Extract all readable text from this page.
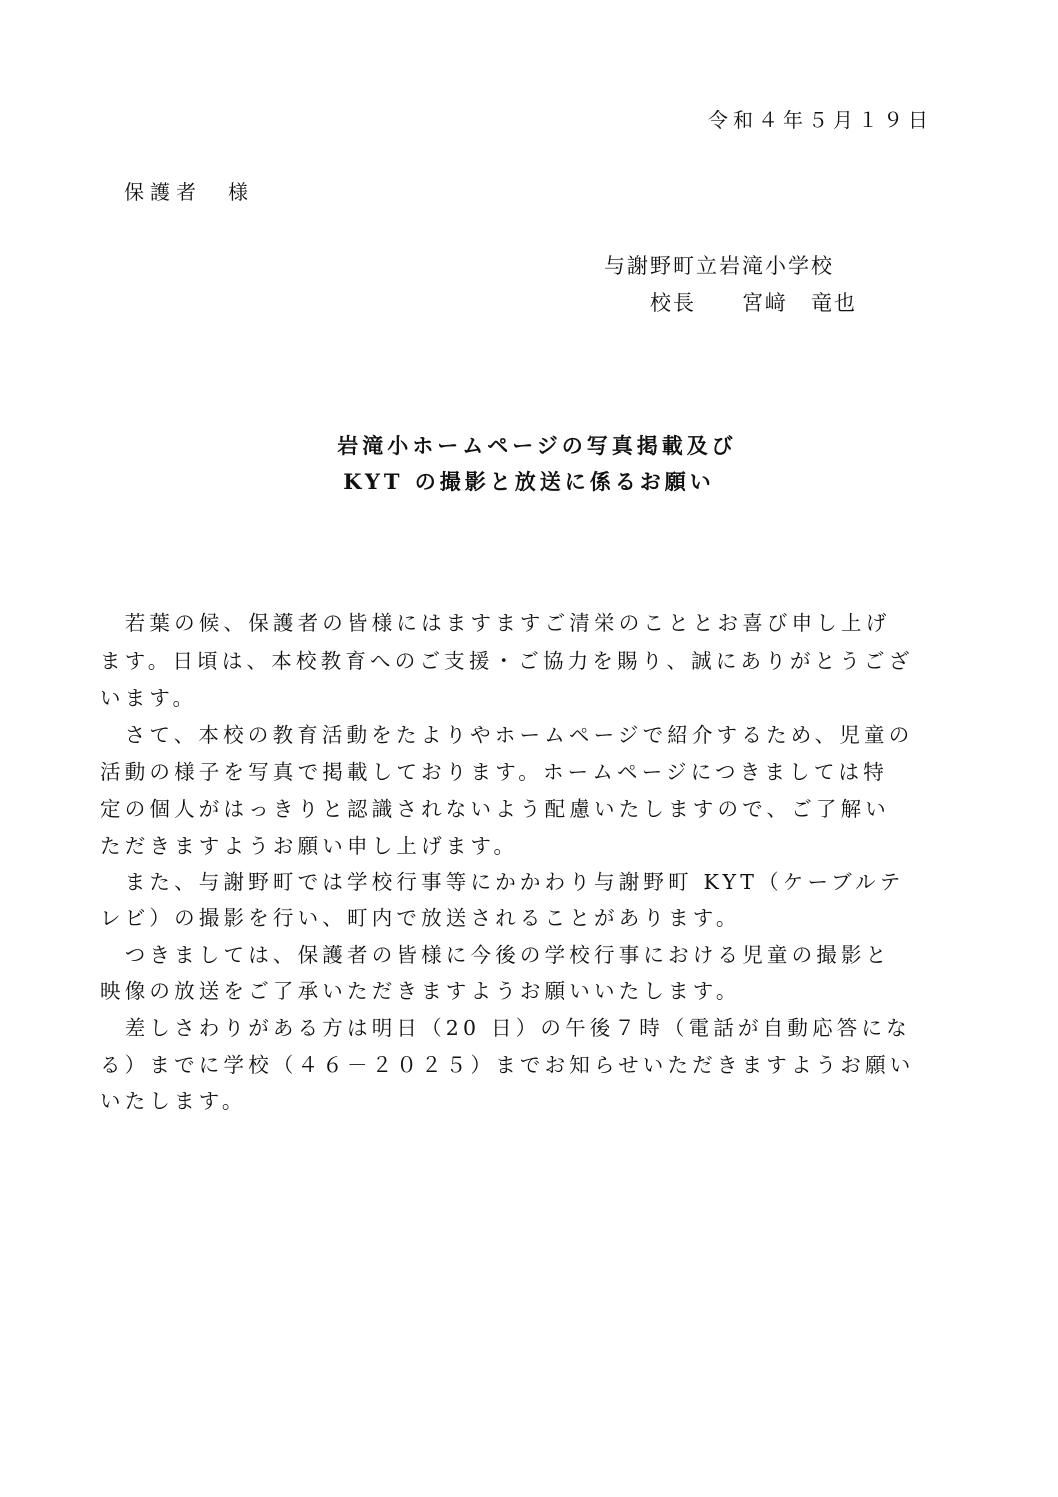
令和４年５月１９日
保護者　様
与謝野町立岩滝小学校
校長　　宮﨑　竜也
岩滝小ホームページの写真掲載及び
KYT の撮影と放送に係るお願い
　若葉の候、保護者の皆様にはますますご清栄のこととお喜び申し上げ
ます。日頃は、本校教育へのご支援・ご協力を賜り、誠にありがとうござ
います。
　さて、本校の教育活動をたよりやホームページで紹介するため、児童の
活動の様子を写真で掲載しております。ホームページにつきましては特
定の個人がはっきりと認識されないよう配慮いたしますので、ご了解い
ただきますようお願い申し上げます。
　また、与謝野町では学校行事等にかかわり与謝野町 KYT（ケーブルテ
レビ）の撮影を行い、町内で放送されることがあります。
　つきましては、保護者の皆様に今後の学校行事における児童の撮影と
映像の放送をご了承いただきますようお願いいたします。
　差しさわりがある方は明日（20 日）の午後７時（電話が自動応答にな
る）までに学校（４６－２０２５）までお知らせいただきますようお願い
いたします。
